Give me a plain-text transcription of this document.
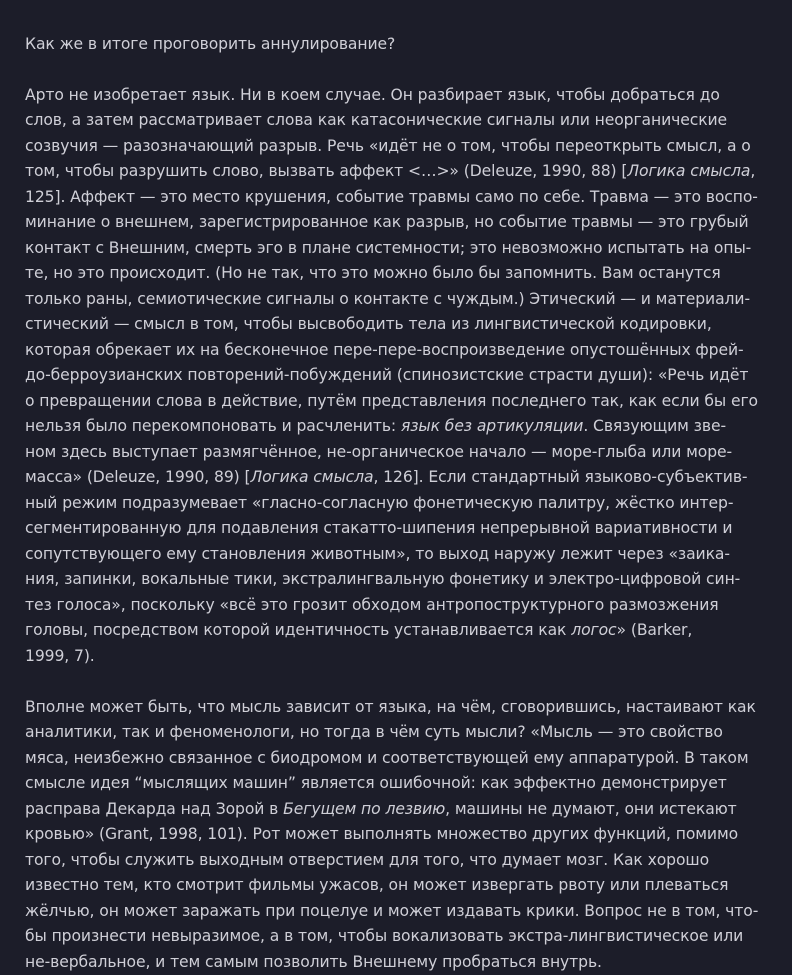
Как же в итоге проговорить аннулирование?

Арто не изобретает язык. Ни в коем случае. Он разбирает язык, чтобы добраться до
слов, а затем рассматривает слова как катасонические сигналы или неорганические
созвучия — разозначающий разрыв. Речь «идёт не о том, чтобы переоткрыть смысл, а о
том, чтобы разрушить слово, вызвать аффект <…>» (Deleuze, 1990, 88) [Логика смысла,
125]. Аффект — это место крушения, событие травмы само по себе. Травма — это воспо-
минание о внешнем, зарегистрированное как разрыв, но событие травмы — это грубый
контакт с Внешним, смерть эго в плане системности; это невозможно испытать на опы-
те, но это происходит. (Но не так, что это можно было бы запомнить. Вам останутся
только раны, семиотические сигналы о контакте с чуждым.) Этический — и материали-
стический — смысл в том, чтобы высвободить тела из лингвистической кодировки,
которая обрекает их на бесконечное пере-пере-воспроизведение опустошённых фрей-
до-берроузианских повторений-побуждений (спинозистские страсти души): «Речь идёт
о превращении слова в действие, путём представления последнего так, как если бы его
нельзя было перекомпоновать и расчленить: язык без артикуляции. Связующим зве-
ном здесь выступает размягчённое, не-органическое начало — море-глыба или море-
масса» (Deleuze, 1990, 89) [Логика смысла, 126]. Если стандартный языково-субъектив-
ный режим подразумевает «гласно-согласную фонетическую палитру, жёстко интер-
сегментированную для подавления стакатто-шипения непрерывной вариативности и
сопутствующего ему становления животным», то выход наружу лежит через «заика-
ния, запинки, вокальные тики, экстралингвальную фонетику и электро-цифровой син-
тез голоса», поскольку «всё это грозит обходом антропоструктурного размозжения
головы, посредством которой идентичность устанавливается как логос» (Barker,
1999, 7).

Вполне может быть, что мысль зависит от языка, на чём, сговорившись, настаивают как
аналитики, так и феноменологи, но тогда в чём суть мысли? «Мысль — это свойство
мяса, неизбежно связанное с биодромом и соответствующей ему аппаратурой. В таком
смысле идея “мыслящих машин” является ошибочной: как эффектно демонстрирует
расправа Декарда над Зорой в Бегущем по лезвию, машины не думают, они истекают
кровью» (Grant, 1998, 101). Рот может выполнять множество других функций, помимо
того, чтобы служить выходным отверстием для того, что думает мозг. Как хорошо
известно тем, кто смотрит фильмы ужасов, он может извергать рвоту или плеваться
жёлчью, он может заражать при поцелуе и может издавать крики. Вопрос не в том, что-
бы произнести невыразимое, а в том, чтобы вокализовать экстра-лингвистическое или
не-вербальное, и тем самым позволить Внешнему пробраться внутрь.
